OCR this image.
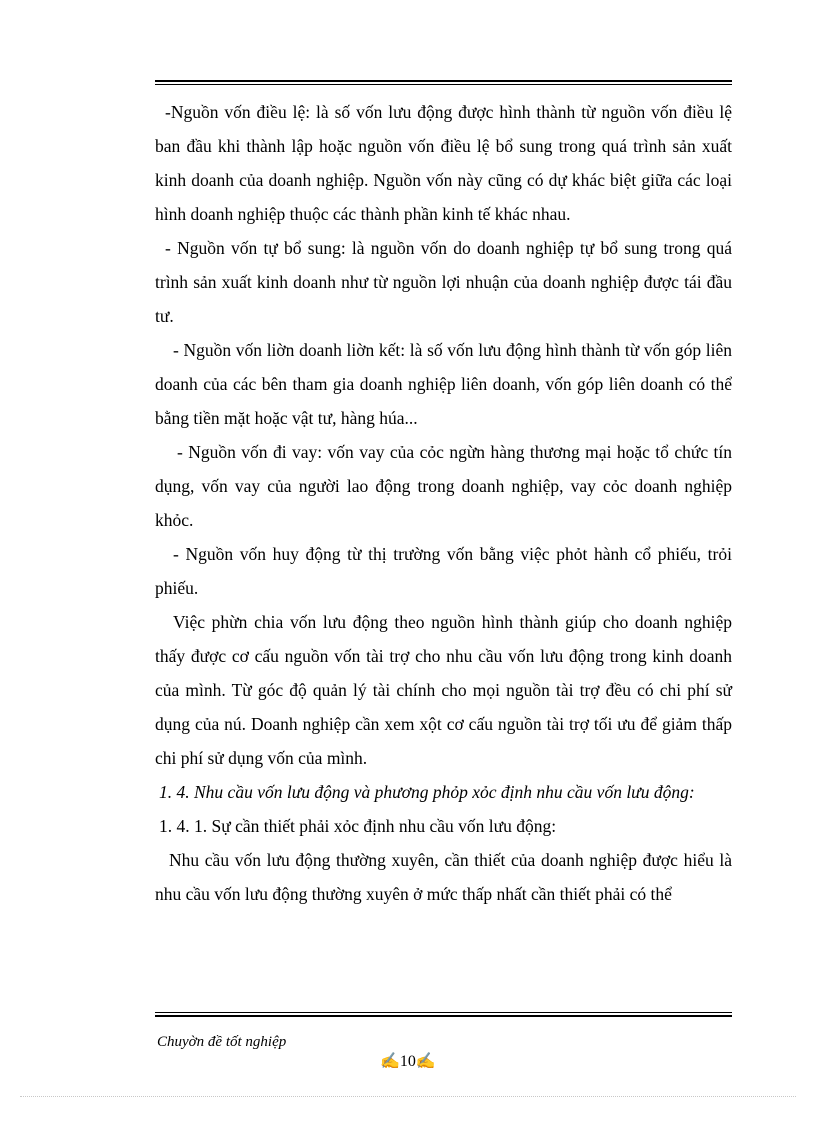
-Nguồn vốn điều lệ: là số vốn lưu động được hình thành từ nguồn vốn điều lệ ban đầu khi thành lập hoặc nguồn vốn điều lệ bổ sung trong quá trình sản xuất kinh doanh của doanh nghiệp. Nguồn vốn này cũng có dự khác biệt giữa các loại hình doanh nghiệp thuộc các thành phần kinh tế khác nhau.

- Nguồn vốn tự bổ sung: là nguồn vốn do doanh nghiệp tự bổ sung trong quá trình sản xuất kinh doanh như từ nguồn lợi nhuận của doanh nghiệp được tái đầu tư.

- Nguồn vốn liờn doanh liờn kết: là số vốn lưu động hình thành từ vốn góp liên doanh của các bên tham gia doanh nghiệp liên doanh, vốn góp liên doanh có thể bằng tiền mặt hoặc vật tư, hàng húa...

- Nguồn vốn đi vay: vốn vay của cỏc ngừn hàng thương mại hoặc tổ chức tín dụng, vốn vay của người lao động trong doanh nghiệp, vay cỏc doanh nghiệp khỏc.

- Nguồn vốn huy động từ thị trường vốn bằng việc phỏt hành cổ phiếu, trỏi phiếu.

Việc phừn chia vốn lưu động theo nguồn hình thành giúp cho doanh nghiệp thấy được cơ cấu nguồn vốn tài trợ cho nhu cầu vốn lưu động trong kinh doanh của mình. Từ góc độ quản lý tài chính cho mọi nguồn tài trợ đều có chi phí sử dụng của nú. Doanh nghiệp cần xem xột cơ cấu nguồn tài trợ tối ưu để giảm thấp chi phí sử dụng vốn của mình.

1. 4. Nhu cầu vốn lưu động và phương phỏp xỏc định nhu cầu vốn lưu động:

1. 4. 1. Sự cần thiết phải xỏc định nhu cầu vốn lưu động:

Nhu cầu vốn lưu động thường xuyên, cần thiết của doanh nghiệp được hiểu là nhu cầu vốn lưu động thường xuyên ở mức thấp nhất cần thiết phải có thể

Chuyờn đề tốt nghiệp
✍10✍
